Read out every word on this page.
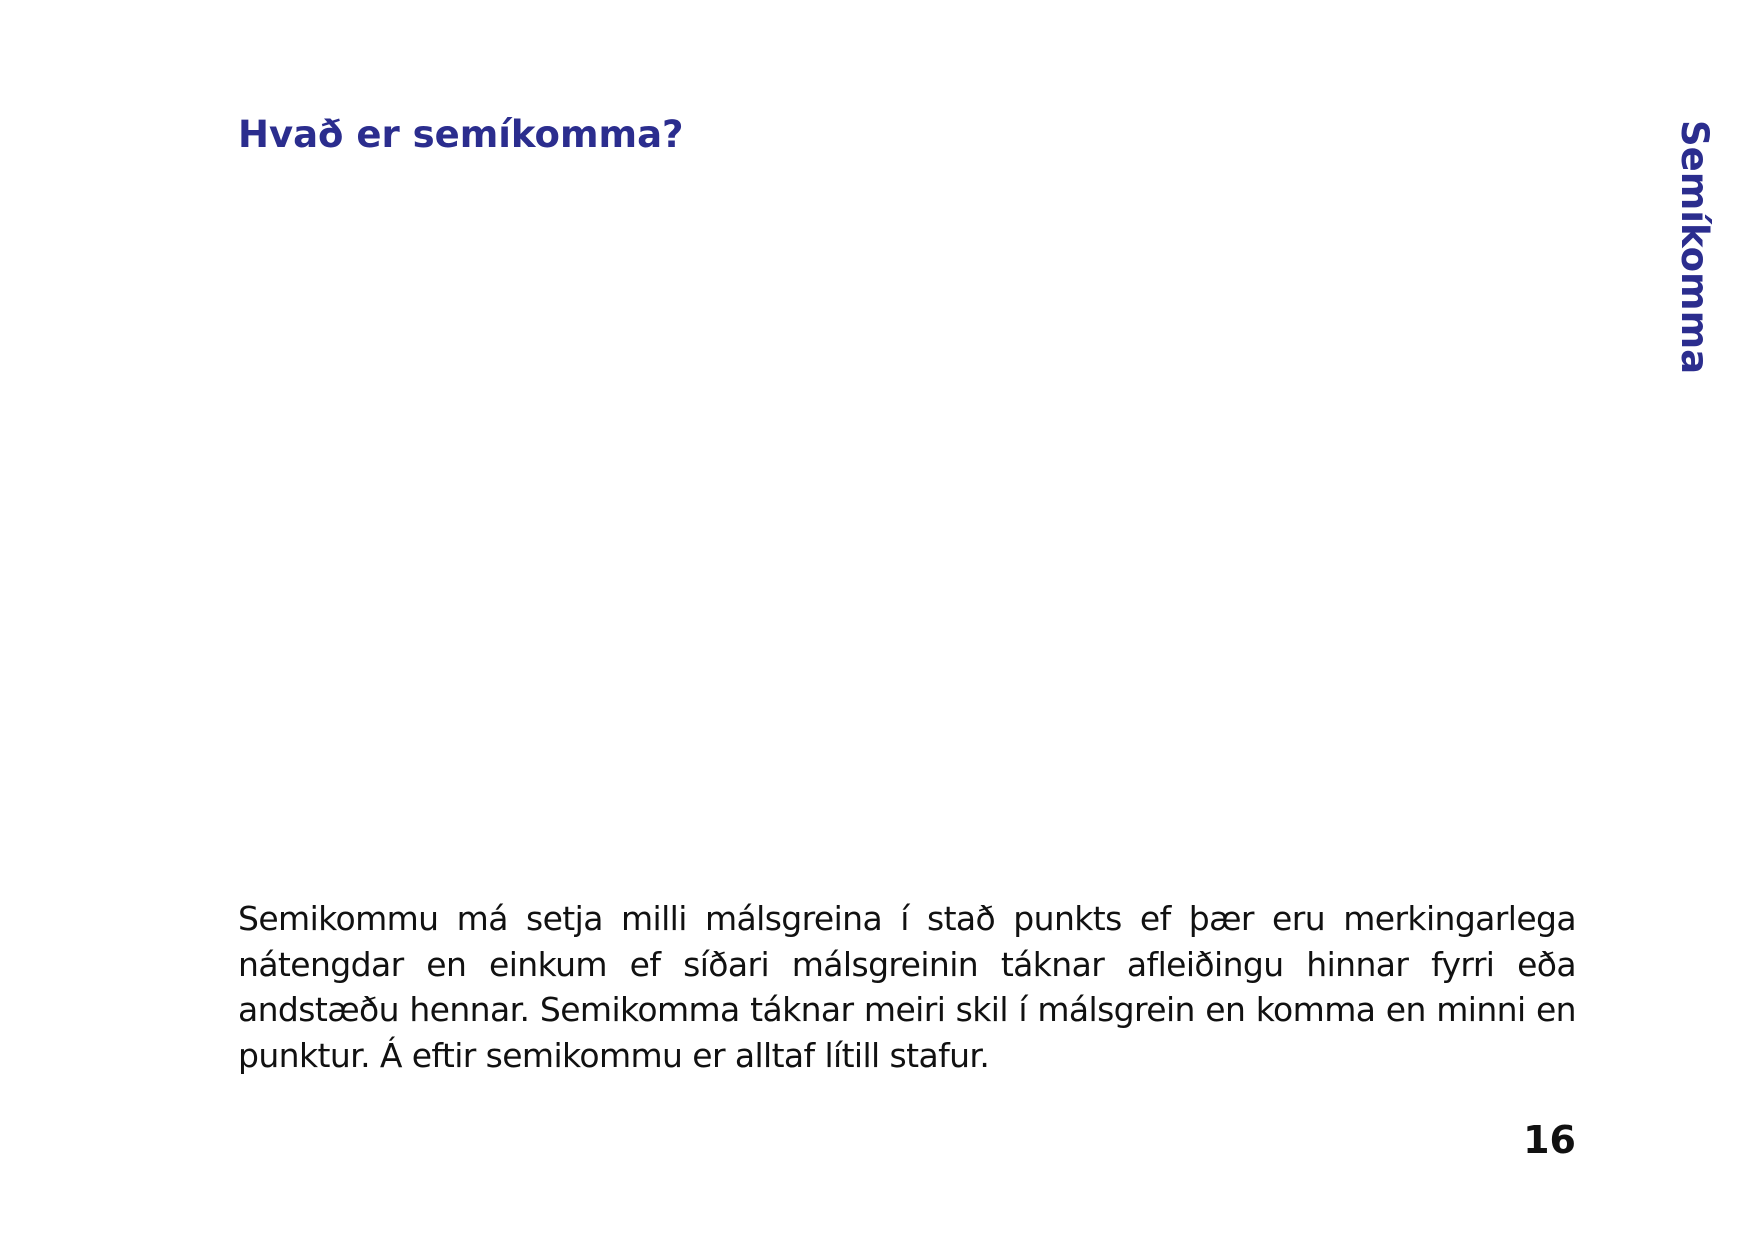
Hvað er semíkomma?	Semíkomma

Semikommu má setja milli málsgreina í stað punkts ef þær eru merkingarlega nátengdar en einkum ef síðari málsgreinin táknar afleiðingu hinnar fyrri eða andstæðu hennar. Semikomma táknar meiri skil í málsgrein en komma en minni en punktur. Á eftir semikommu er alltaf lítill stafur.

16
